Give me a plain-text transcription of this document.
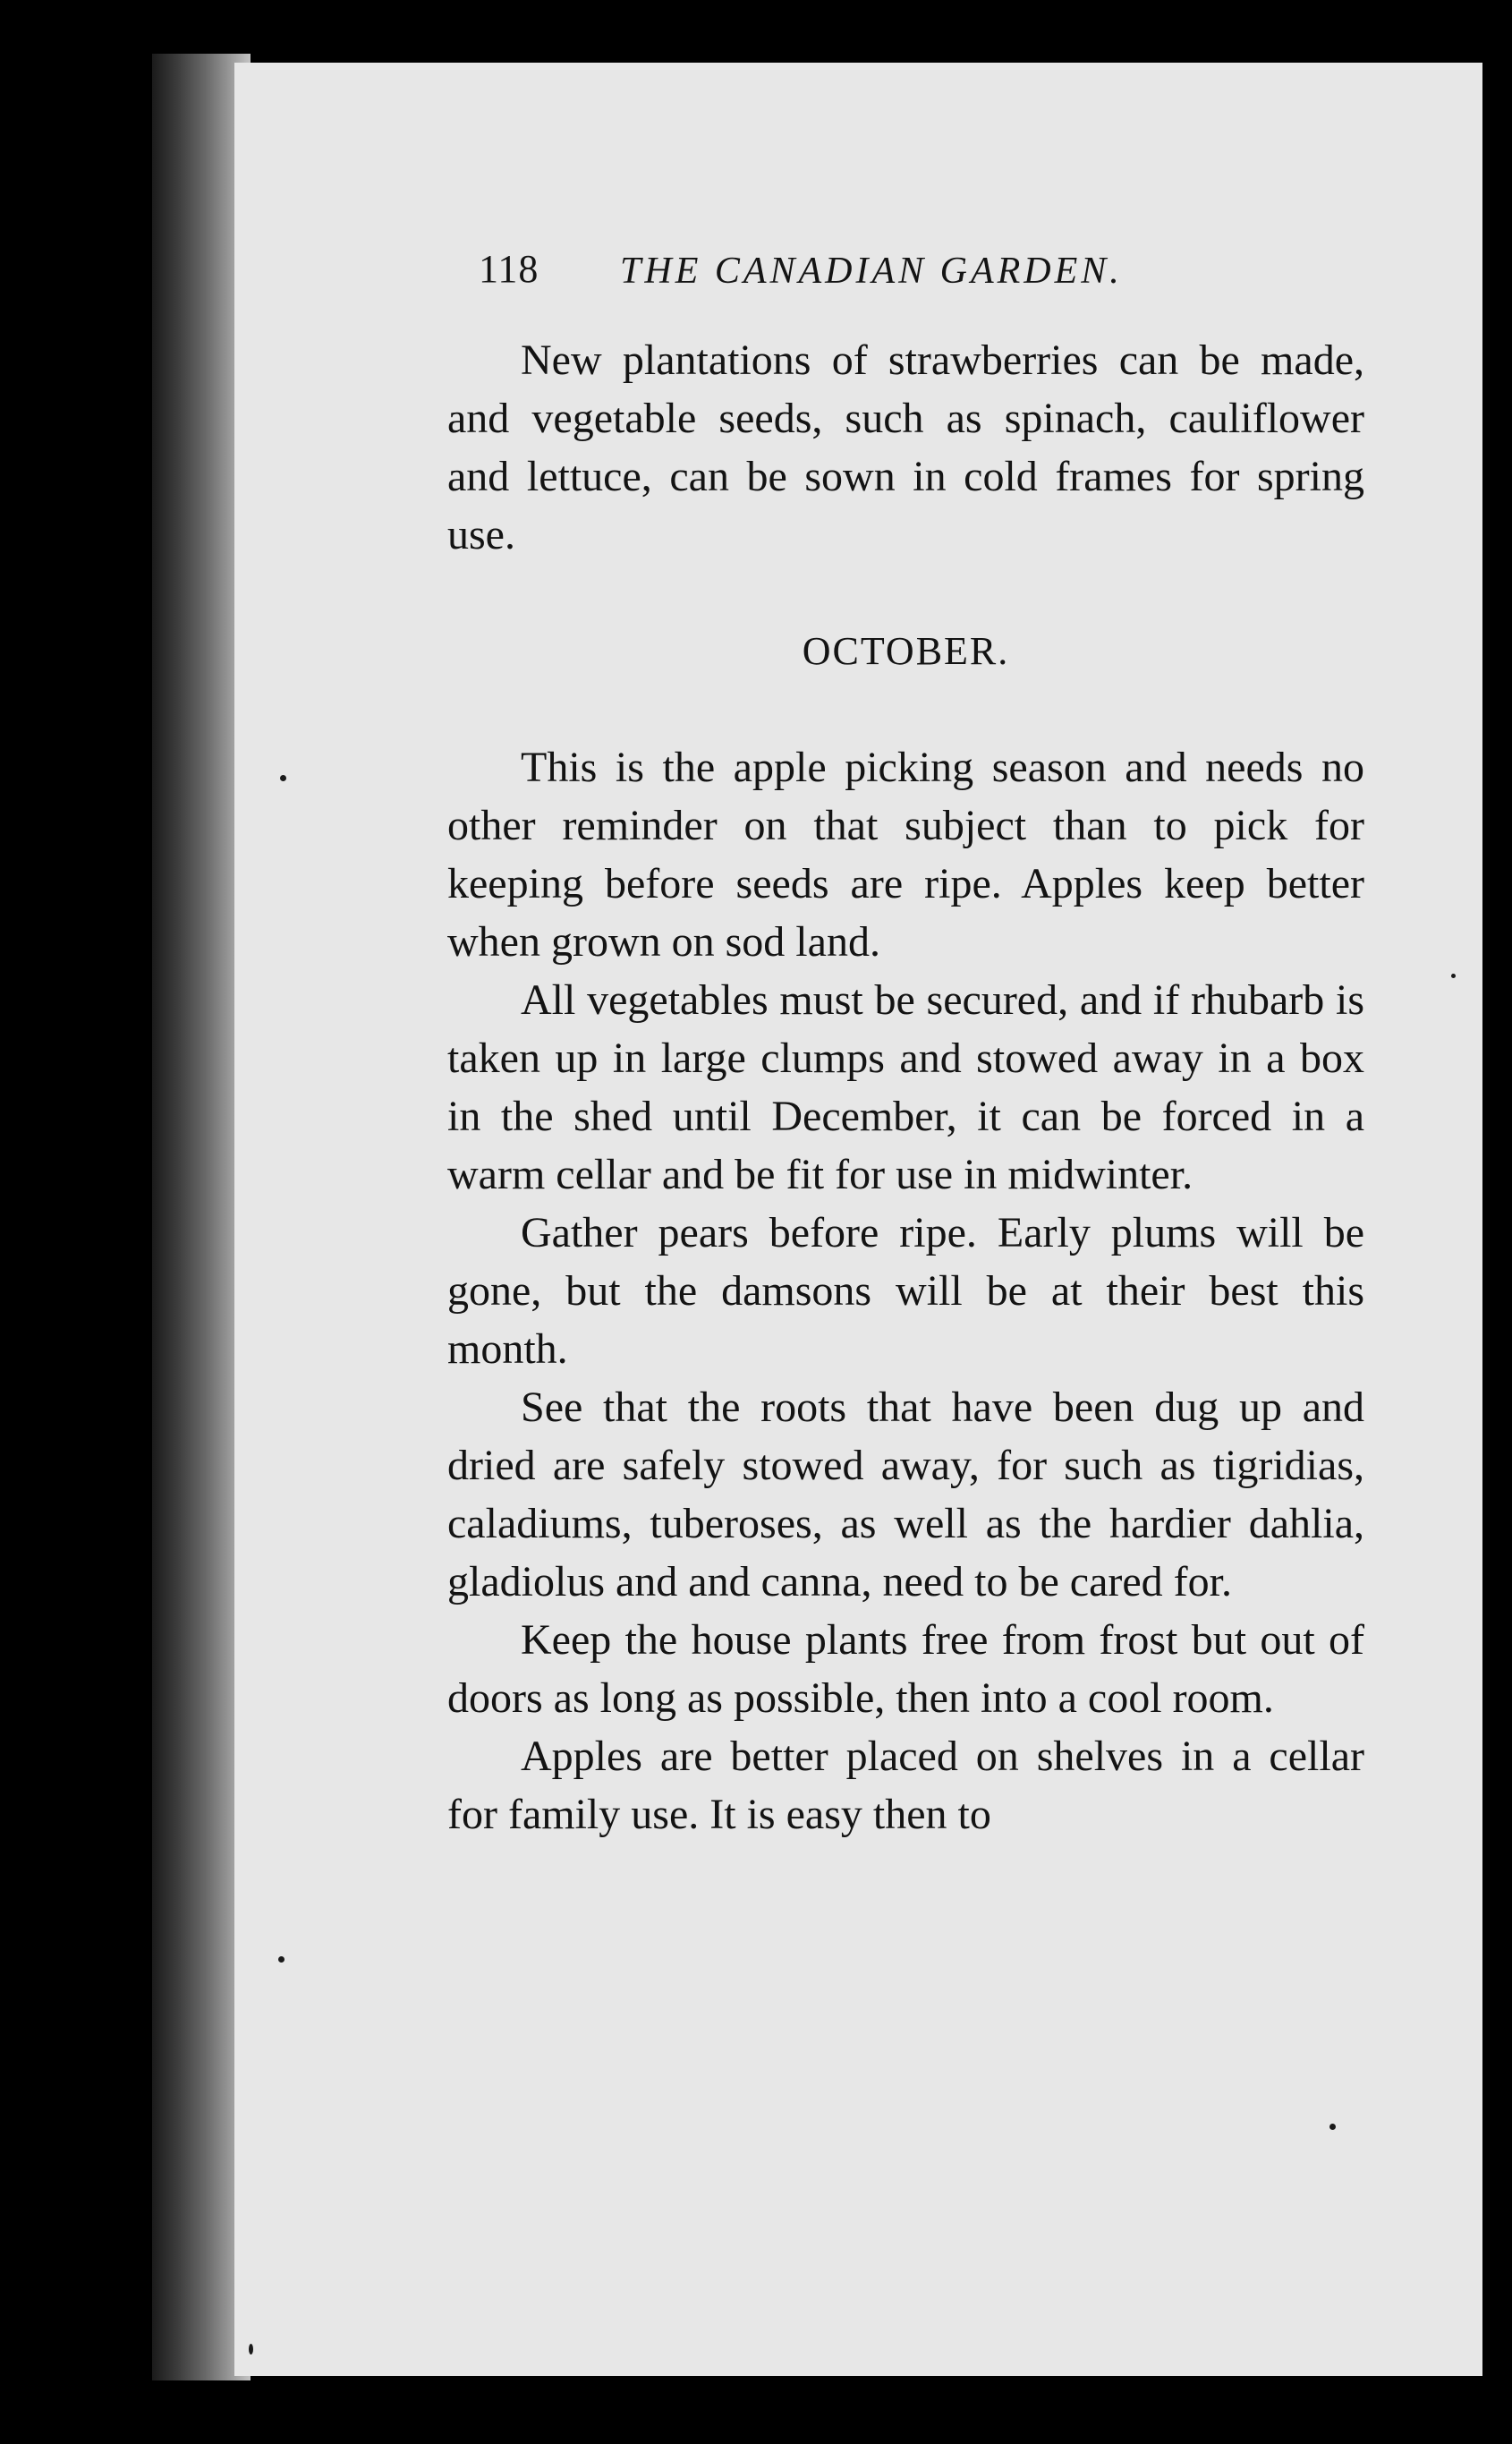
118 THE CANADIAN GARDEN.

New plantations of strawberries can be made, and vegetable seeds, such as spinach, cauliflower and lettuce, can be sown in cold frames for spring use.

OCTOBER.

This is the apple picking season and needs no other reminder on that subject than to pick for keeping before seeds are ripe. Apples keep better when grown on sod land.

All vegetables must be secured, and if rhubarb is taken up in large clumps and stowed away in a box in the shed until December, it can be forced in a warm cellar and be fit for use in midwinter.

Gather pears before ripe. Early plums will be gone, but the damsons will be at their best this month.

See that the roots that have been dug up and dried are safely stowed away, for such as tigridias, caladiums, tuberoses, as well as the hardier dahlia, gladiolus and and canna, need to be cared for.

Keep the house plants free from frost but out of doors as long as possible, then into a cool room.

Apples are better placed on shelves in a cellar for family use. It is easy then to
